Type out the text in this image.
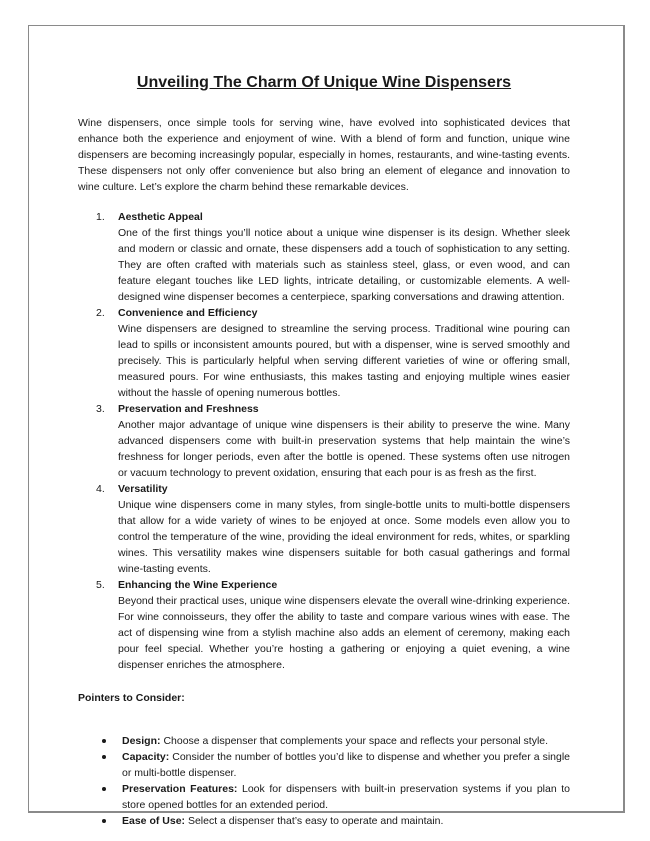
Unveiling The Charm Of Unique Wine Dispensers

Wine dispensers, once simple tools for serving wine, have evolved into sophisticated devices that enhance both the experience and enjoyment of wine. With a blend of form and function, unique wine dispensers are becoming increasingly popular, especially in homes, restaurants, and wine-tasting events. These dispensers not only offer convenience but also bring an element of elegance and innovation to wine culture. Let’s explore the charm behind these remarkable devices.

1.	Aesthetic Appeal
One of the first things you’ll notice about a unique wine dispenser is its design. Whether sleek and modern or classic and ornate, these dispensers add a touch of sophistication to any setting. They are often crafted with materials such as stainless steel, glass, or even wood, and can feature elegant touches like LED lights, intricate detailing, or customizable elements. A well-designed wine dispenser becomes a centerpiece, sparking conversations and drawing attention.
2.	Convenience and Efficiency
Wine dispensers are designed to streamline the serving process. Traditional wine pouring can lead to spills or inconsistent amounts poured, but with a dispenser, wine is served smoothly and precisely. This is particularly helpful when serving different varieties of wine or offering small, measured pours. For wine enthusiasts, this makes tasting and enjoying multiple wines easier without the hassle of opening numerous bottles.
3.	Preservation and Freshness
Another major advantage of unique wine dispensers is their ability to preserve the wine. Many advanced dispensers come with built-in preservation systems that help maintain the wine’s freshness for longer periods, even after the bottle is opened. These systems often use nitrogen or vacuum technology to prevent oxidation, ensuring that each pour is as fresh as the first.
4.	Versatility
Unique wine dispensers come in many styles, from single-bottle units to multi-bottle dispensers that allow for a wide variety of wines to be enjoyed at once. Some models even allow you to control the temperature of the wine, providing the ideal environment for reds, whites, or sparkling wines. This versatility makes wine dispensers suitable for both casual gatherings and formal wine-tasting events.
5.	Enhancing the Wine Experience
Beyond their practical uses, unique wine dispensers elevate the overall wine-drinking experience. For wine connoisseurs, they offer the ability to taste and compare various wines with ease. The act of dispensing wine from a stylish machine also adds an element of ceremony, making each pour feel special. Whether you’re hosting a gathering or enjoying a quiet evening, a wine dispenser enriches the atmosphere.

Pointers to Consider:

Design: Choose a dispenser that complements your space and reflects your personal style.
Capacity: Consider the number of bottles you’d like to dispense and whether you prefer a single or multi-bottle dispenser.
Preservation Features: Look for dispensers with built-in preservation systems if you plan to store opened bottles for an extended period.
Ease of Use: Select a dispenser that’s easy to operate and maintain.
